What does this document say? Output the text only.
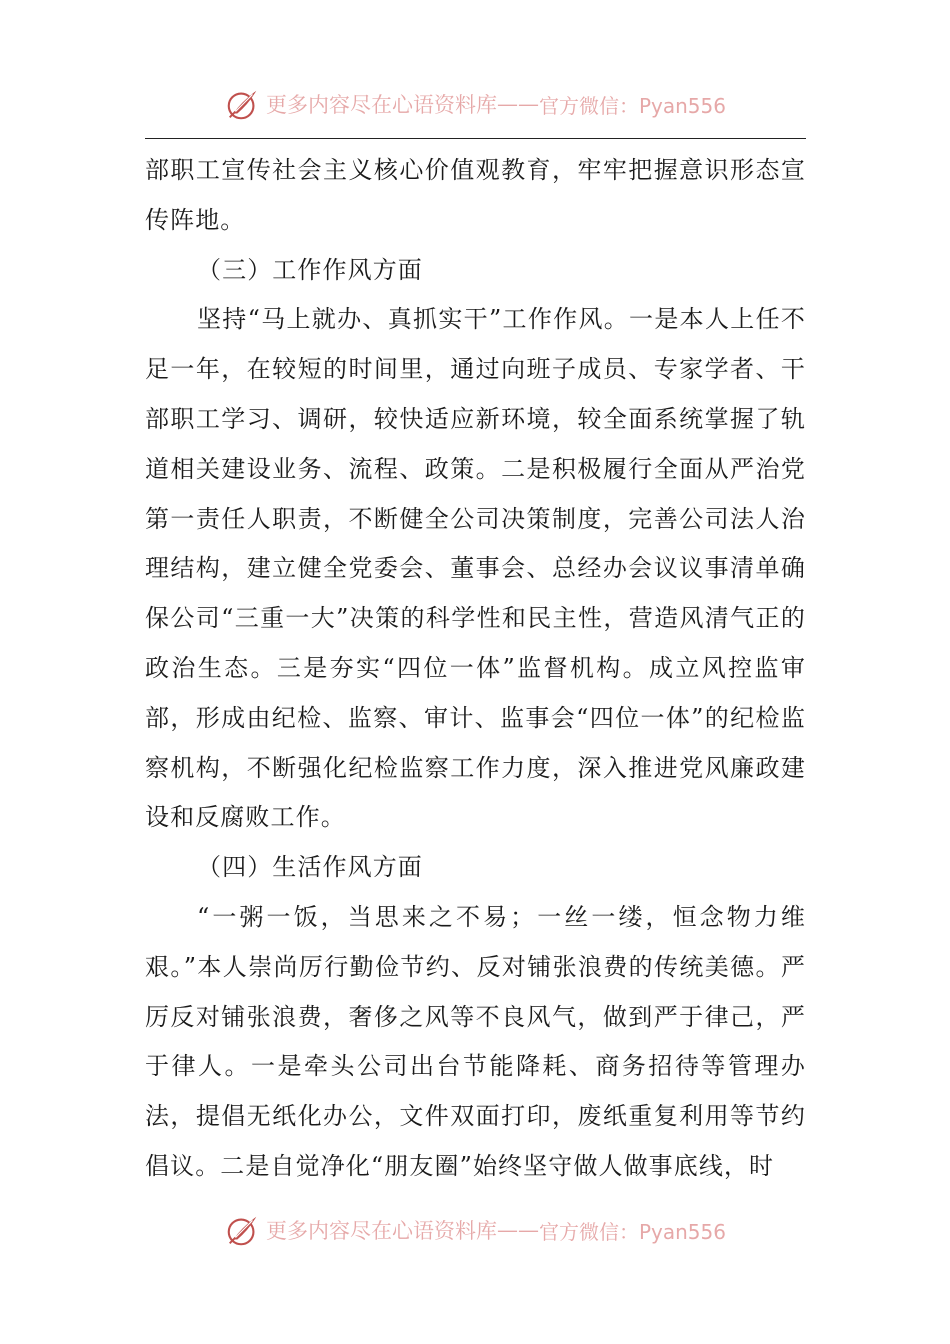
更多内容尽在心语资料库 —— 官方微信：Pyan556

部职工宣传社会主义核心价值观教育，牢牢把握意识形态宣传阵地。

（三）工作作风方面

坚持“马上就办、真抓实干”工作作风。一是本人上任不足一年，在较短的时间里，通过向班子成员、专家学者、干部职工学习、调研，较快适应新环境，较全面系统掌握了轨道相关建设业务、流程、政策。二是积极履行全面从严治党第一责任人职责，不断健全公司决策制度，完善公司法人治理结构，建立健全党委会、董事会、总经办会议议事清单确保公司“三重一大”决策的科学性和民主性，营造风清气正的政治生态。三是夯实“四位一体”监督机构。成立风控监审部，形成由纪检、监察、审计、监事会“四位一体”的纪检监察机构，不断强化纪检监察工作力度，深入推进党风廉政建设和反腐败工作。

（四）生活作风方面

“一粥一饭，当思来之不易；一丝一缕，恒念物力维艰。”本人崇尚厉行勤俭节约、反对铺张浪费的传统美德。严厉反对铺张浪费，奢侈之风等不良风气，做到严于律己，严于律人。一是牵头公司出台节能降耗、商务招待等管理办法，提倡无纸化办公，文件双面打印，废纸重复利用等节约倡议。二是自觉净化“朋友圈”始终坚守做人做事底线，时

更多内容尽在心语资料库 —— 官方微信：Pyan556
